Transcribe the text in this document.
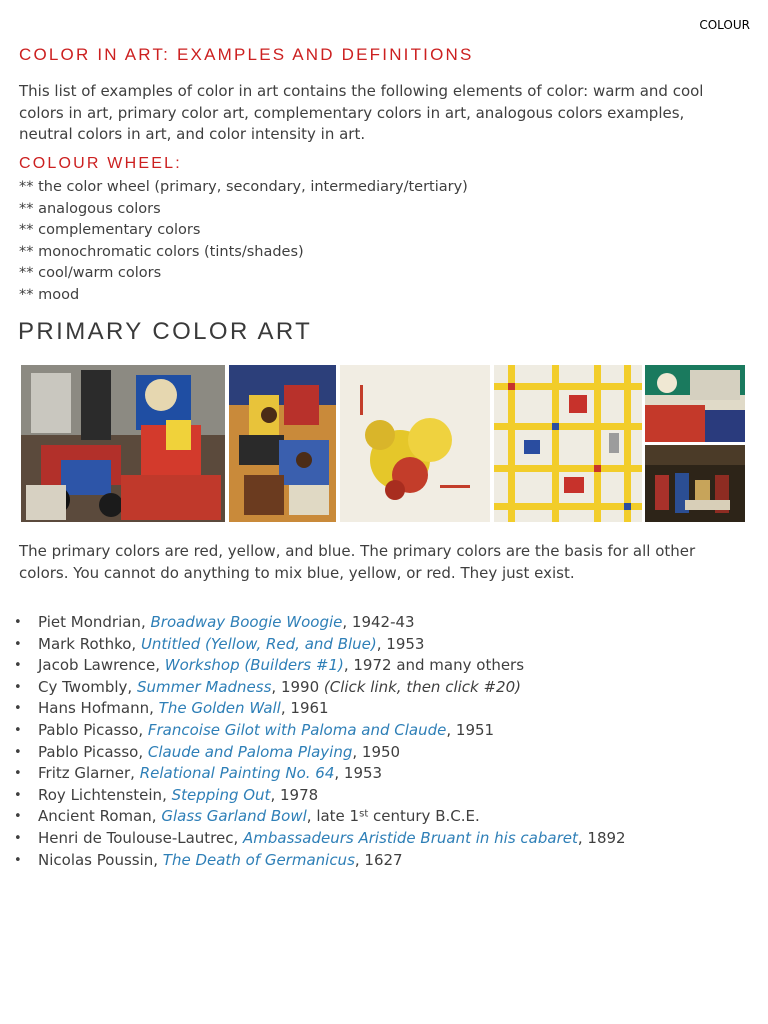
COLOUR
COLOR IN ART: EXAMPLES AND DEFINITIONS

This list of examples of color in art contains the following elements of color: warm and cool colors in art, primary color art, complementary colors in art, analogous colors examples, neutral colors in art, and color intensity in art.

COLOUR WHEEL:
** the color wheel (primary, secondary, intermediary/tertiary)
** analogous colors
** complementary colors
** monochromatic colors (tints/shades)
** cool/warm colors
** mood
PRIMARY COLOR ART

The primary colors are red, yellow, and blue. The primary colors are the basis for all other colors. You cannot do anything to mix blue, yellow, or red. They just exist.

• Piet Mondrian, Broadway Boogie Woogie, 1942-43
• Mark Rothko, Untitled (Yellow, Red, and Blue), 1953
• Jacob Lawrence, Workshop (Builders #1), 1972 and many others
• Cy Twombly, Summer Madness, 1990 (Click link, then click #20)
• Hans Hofmann, The Golden Wall, 1961
• Pablo Picasso, Francoise Gilot with Paloma and Claude, 1951
• Pablo Picasso, Claude and Paloma Playing, 1950
• Fritz Glarner, Relational Painting No. 64, 1953
• Roy Lichtenstein, Stepping Out, 1978
• Ancient Roman, Glass Garland Bowl, late 1st century B.C.E.
• Henri de Toulouse-Lautrec, Ambassadeurs Aristide Bruant in his cabaret, 1892
• Nicolas Poussin, The Death of Germanicus, 1627
